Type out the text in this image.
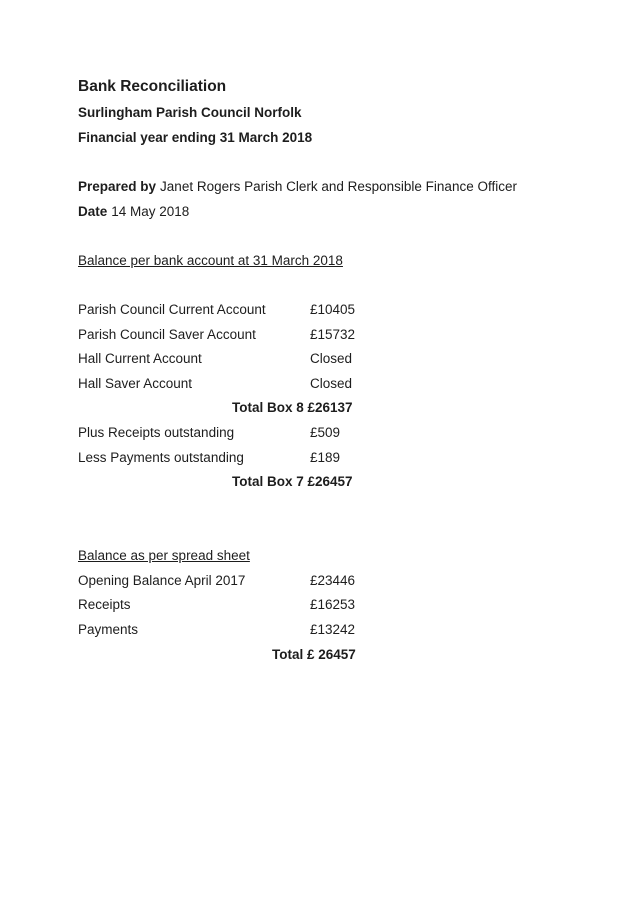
Bank Reconciliation

Surlingham Parish Council Norfolk

Financial year ending 31 March 2018

Prepared by Janet Rogers Parish Clerk and Responsible Finance Officer

Date 14 May 2018

Balance per bank account at 31 March 2018

Parish Council Current Account	£10405
Parish Council Saver Account	£15732
Hall Current Account	Closed
Hall Saver Account	Closed

Total Box 8 £26137

Plus Receipts outstanding	£509
Less Payments outstanding	£189

Total Box 7 £26457

Balance as per spread sheet

Opening Balance April 2017	£23446
Receipts	£16253
Payments	£13242

Total £ 26457
